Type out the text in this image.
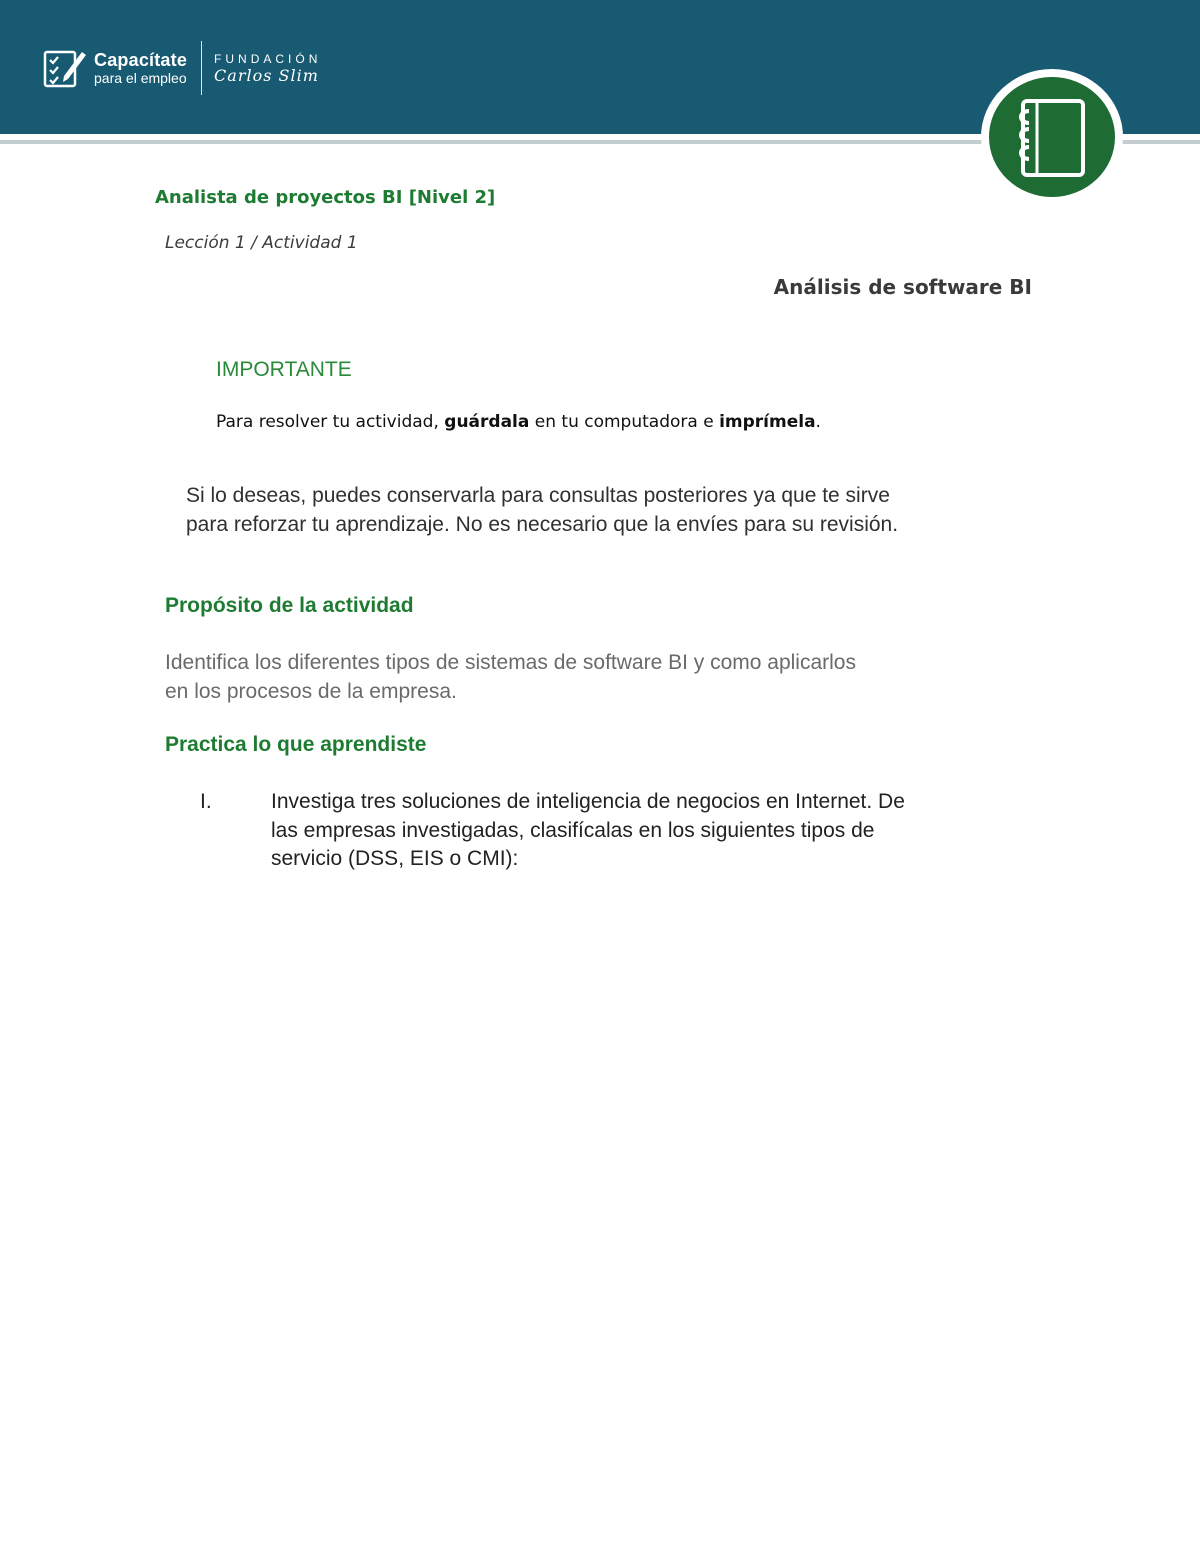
Capacítate
para el empleo
FUNDACIÓN
Carlos Slim
Analista de proyectos BI [Nivel 2]

Lección 1 / Actividad 1

Análisis de software BI

IMPORTANTE

Para resolver tu actividad, guárdala en tu computadora e imprímela.

Si lo deseas, puedes conservarla para consultas posteriores ya que te sirve para reforzar tu aprendizaje. No es necesario que la envíes para su revisión.

Propósito de la actividad

Identifica los diferentes tipos de sistemas de software BI y como aplicarlos en los procesos de la empresa.

Practica lo que aprendiste
I.	Investiga tres soluciones de inteligencia de negocios en Internet. De las empresas investigadas, clasifícalas en los siguientes tipos de servicio (DSS, EIS o CMI):
